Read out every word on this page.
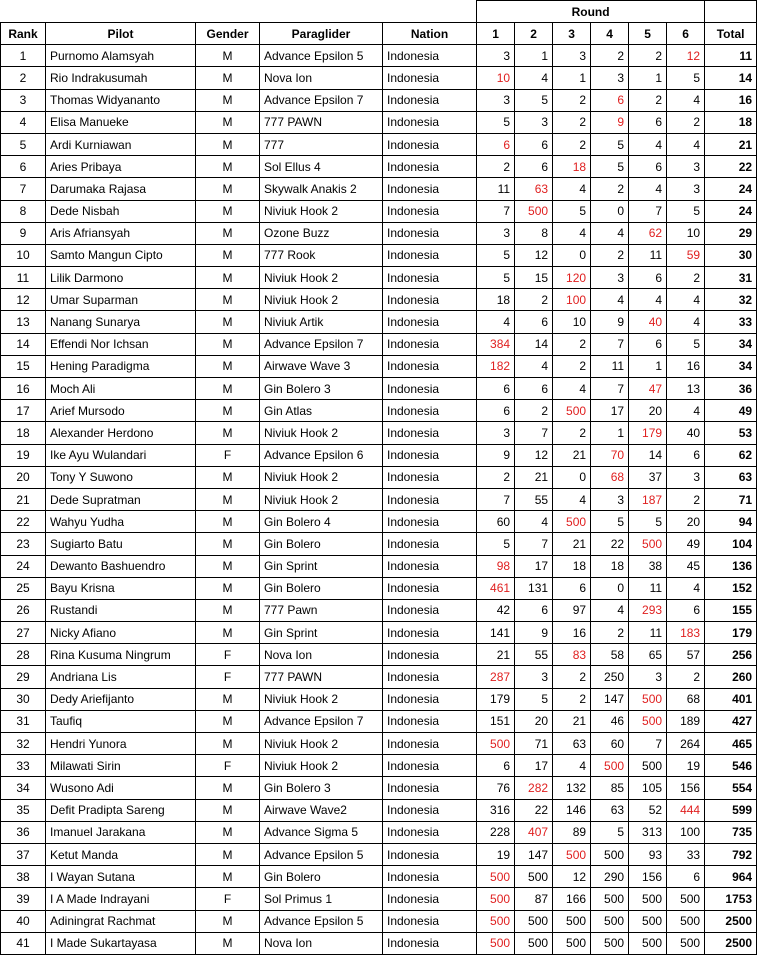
					Round						
Rank	Pilot	Gender	Paraglider	Nation	1	2	3	4	5	6	Total
1	Purnomo Alamsyah	M	Advance Epsilon 5	Indonesia	3	1	3	2	2	12	11
2	Rio Indrakusumah	M	Nova Ion	Indonesia	10	4	1	3	1	5	14
3	Thomas Widyananto	M	Advance Epsilon 7	Indonesia	3	5	2	6	2	4	16
4	Elisa Manueke	M	777 PAWN	Indonesia	5	3	2	9	6	2	18
5	Ardi Kurniawan	M	777	Indonesia	6	6	2	5	4	4	21
6	Aries Pribaya	M	Sol Ellus 4	Indonesia	2	6	18	5	6	3	22
7	Darumaka Rajasa	M	Skywalk Anakis 2	Indonesia	11	63	4	2	4	3	24
8	Dede Nisbah	M	Niviuk Hook 2	Indonesia	7	500	5	0	7	5	24
9	Aris Afriansyah	M	Ozone Buzz	Indonesia	3	8	4	4	62	10	29
10	Samto Mangun Cipto	M	777 Rook	Indonesia	5	12	0	2	11	59	30
11	Lilik Darmono	M	Niviuk Hook 2	Indonesia	5	15	120	3	6	2	31
12	Umar Suparman	M	Niviuk Hook 2	Indonesia	18	2	100	4	4	4	32
13	Nanang Sunarya	M	Niviuk Artik	Indonesia	4	6	10	9	40	4	33
14	Effendi Nor Ichsan	M	Advance Epsilon 7	Indonesia	384	14	2	7	6	5	34
15	Hening Paradigma	M	Airwave Wave 3	Indonesia	182	4	2	11	1	16	34
16	Moch Ali	M	Gin Bolero 3	Indonesia	6	6	4	7	47	13	36
17	Arief Mursodo	M	Gin Atlas	Indonesia	6	2	500	17	20	4	49
18	Alexander Herdono	M	Niviuk Hook 2	Indonesia	3	7	2	1	179	40	53
19	Ike Ayu Wulandari	F	Advance Epsilon 6	Indonesia	9	12	21	70	14	6	62
20	Tony Y Suwono	M	Niviuk Hook 2	Indonesia	2	21	0	68	37	3	63
21	Dede Supratman	M	Niviuk Hook 2	Indonesia	7	55	4	3	187	2	71
22	Wahyu Yudha	M	Gin Bolero 4	Indonesia	60	4	500	5	5	20	94
23	Sugiarto Batu	M	Gin Bolero	Indonesia	5	7	21	22	500	49	104
24	Dewanto Bashuendro	M	Gin Sprint	Indonesia	98	17	18	18	38	45	136
25	Bayu Krisna	M	Gin Bolero	Indonesia	461	131	6	0	11	4	152
26	Rustandi	M	777 Pawn	Indonesia	42	6	97	4	293	6	155
27	Nicky Afiano	M	Gin Sprint	Indonesia	141	9	16	2	11	183	179
28	Rina Kusuma Ningrum	F	Nova Ion	Indonesia	21	55	83	58	65	57	256
29	Andriana Lis	F	777 PAWN	Indonesia	287	3	2	250	3	2	260
30	Dedy Ariefijanto	M	Niviuk Hook 2	Indonesia	179	5	2	147	500	68	401
31	Taufiq	M	Advance Epsilon 7	Indonesia	151	20	21	46	500	189	427
32	Hendri Yunora	M	Niviuk Hook 2	Indonesia	500	71	63	60	7	264	465
33	Milawati Sirin	F	Niviuk Hook 2	Indonesia	6	17	4	500	500	19	546
34	Wusono Adi	M	Gin Bolero 3	Indonesia	76	282	132	85	105	156	554
35	Defit Pradipta Sareng	M	Airwave Wave2	Indonesia	316	22	146	63	52	444	599
36	Imanuel Jarakana	M	Advance Sigma 5	Indonesia	228	407	89	5	313	100	735
37	Ketut Manda	M	Advance Epsilon 5	Indonesia	19	147	500	500	93	33	792
38	I Wayan Sutana	M	Gin Bolero	Indonesia	500	500	12	290	156	6	964
39	I A Made Indrayani	F	Sol Primus 1	Indonesia	500	87	166	500	500	500	1753
40	Adiningrat Rachmat	M	Advance Epsilon 5	Indonesia	500	500	500	500	500	500	2500
41	I Made Sukartayasa	M	Nova Ion	Indonesia	500	500	500	500	500	500	2500
